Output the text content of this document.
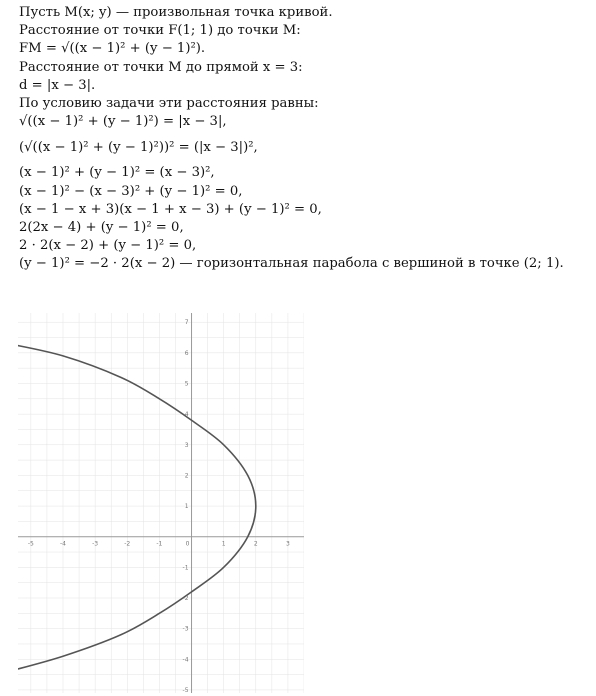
Пусть M(x; y) — произвольная точка кривой.
Расстояние от точки F(1; 1) до точки M:
FM = √((x − 1)² + (y − 1)²).
Расстояние от точки M до прямой x = 3:
d = |x − 3|.
По условию задачи эти расстояния равны:
√((x − 1)² + (y − 1)²) = |x − 3|,
(√((x − 1)² + (y − 1)²))² = (|x − 3|)²,
(x − 1)² + (y − 1)² = (x − 3)²,
(x − 1)² − (x − 3)² + (y − 1)² = 0,
(x − 1 − x + 3)(x − 1 + x − 3) + (y − 1)² = 0,
2(2x − 4) + (y − 1)² = 0,
2 · 2(x − 2) + (y − 1)² = 0,
(y − 1)² = −2 · 2(x − 2) — горизонтальная парабола с вершиной в точке (2; 1).
-5	-4	-3	-2	-1	0	1	2	3
-5
-4
-3
-2
-1
1
2
3
4
5
6
7
